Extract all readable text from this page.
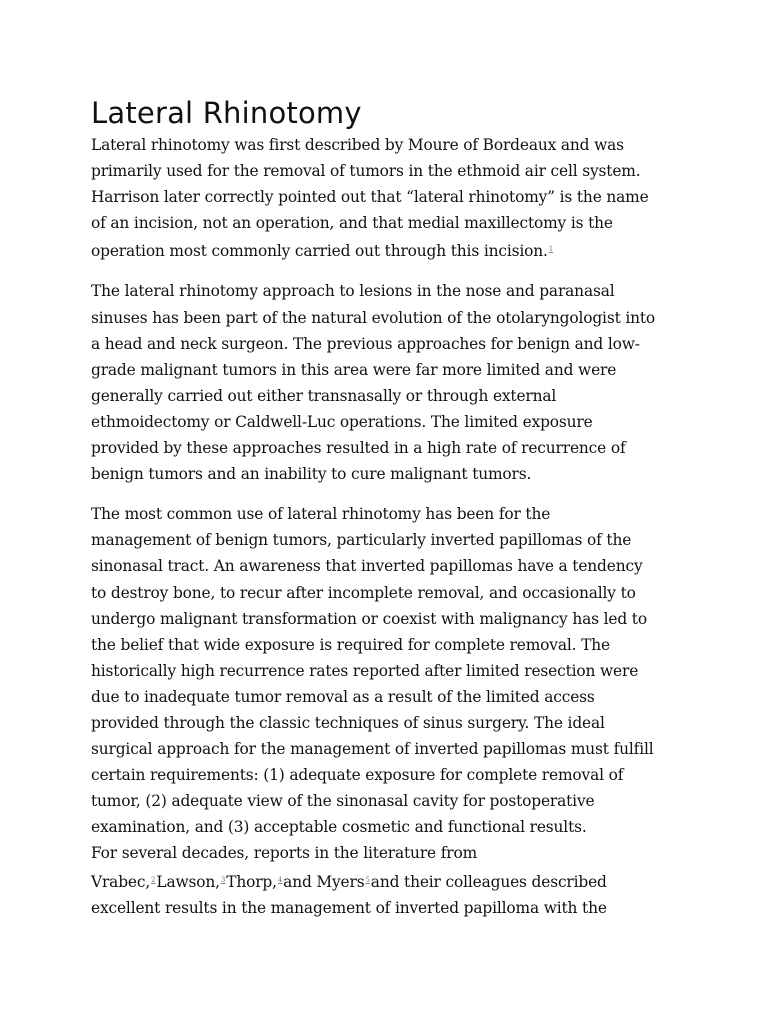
Lateral Rhinotomy

Lateral rhinotomy was first described by Moure of Bordeaux and was
primarily used for the removal of tumors in the ethmoid air cell system.
Harrison later correctly pointed out that “lateral rhinotomy” is the name
of an incision, not an operation, and that medial maxillectomy is the
operation most commonly carried out through this incision.$^1$

The lateral rhinotomy approach to lesions in the nose and paranasal
sinuses has been part of the natural evolution of the otolaryngologist into
a head and neck surgeon. The previous approaches for benign and low-
grade malignant tumors in this area were far more limited and were
generally carried out either transnasally or through external
ethmoidectomy or Caldwell-Luc operations. The limited exposure
provided by these approaches resulted in a high rate of recurrence of
benign tumors and an inability to cure malignant tumors.

The most common use of lateral rhinotomy has been for the
management of benign tumors, particularly inverted papillomas of the
sinonasal tract. An awareness that inverted papillomas have a tendency
to destroy bone, to recur after incomplete removal, and occasionally to
undergo malignant transformation or coexist with malignancy has led to
the belief that wide exposure is required for complete removal. The
historically high recurrence rates reported after limited resection were
due to inadequate tumor removal as a result of the limited access
provided through the classic techniques of sinus surgery. The ideal
surgical approach for the management of inverted papillomas must fulfill
certain requirements: (1) adequate exposure for complete removal of
tumor, (2) adequate view of the sinonasal cavity for postoperative
examination, and (3) acceptable cosmetic and functional results.

For several decades, reports in the literature from
Vrabec,$^2$Lawson,$^3$Thorp,$^4$and Myers$^5$and their colleagues described
excellent results in the management of inverted papilloma with the
